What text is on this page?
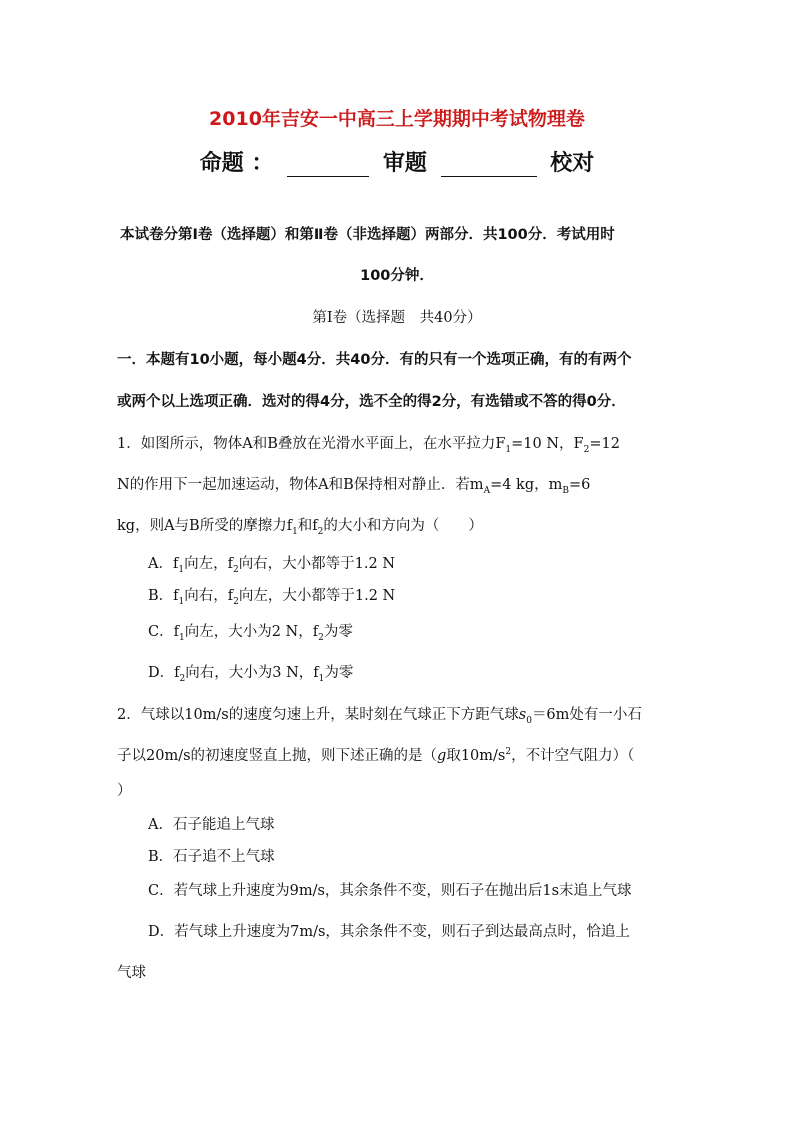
2010年吉安一中高三上学期期中考试物理卷
命题 ：	审题	校对
本试卷分第Ⅰ卷（选择题）和第Ⅱ卷（非选择题）两部分．共100分．考试用时
100分钟．
第Ⅰ卷（选择题　共40分）
一．本题有10小题，每小题4分．共40分．有的只有一个选项正确，有的有两个
或两个以上选项正确．选对的得4分，选不全的得2分，有选错或不答的得0分．
1．如图所示，物体A和B叠放在光滑水平面上，在水平拉力$F_1=10$ N，$F_2=12$
N的作用下一起加速运动，物体A和B保持相对静止．若$m_A=4$ kg，$m_B=6$
kg，则A与B所受的摩擦力$f_1$和$f_2$的大小和方向为（　　）
A．$f_1$向左，$f_2$向右，大小都等于1.2 N
B．$f_1$向右，$f_2$向左，大小都等于1.2 N
C．$f_1$向左，大小为2 N，$f_2$为零
D．$f_2$向右，大小为3 N，$f_1$为零
2．气球以10m/s的速度匀速上升，某时刻在气球正下方距气球$s_0=6m$处有一小石
子以20m/s的初速度竖直上抛，则下述正确的是（g取$10m/s^2$，不计空气阻力）（
）
A．石子能追上气球
B．石子追不上气球
C．若气球上升速度为9m/s，其余条件不变，则石子在抛出后1s末追上气球
D．若气球上升速度为7m/s，其余条件不变，则石子到达最高点时，恰追上
气球
